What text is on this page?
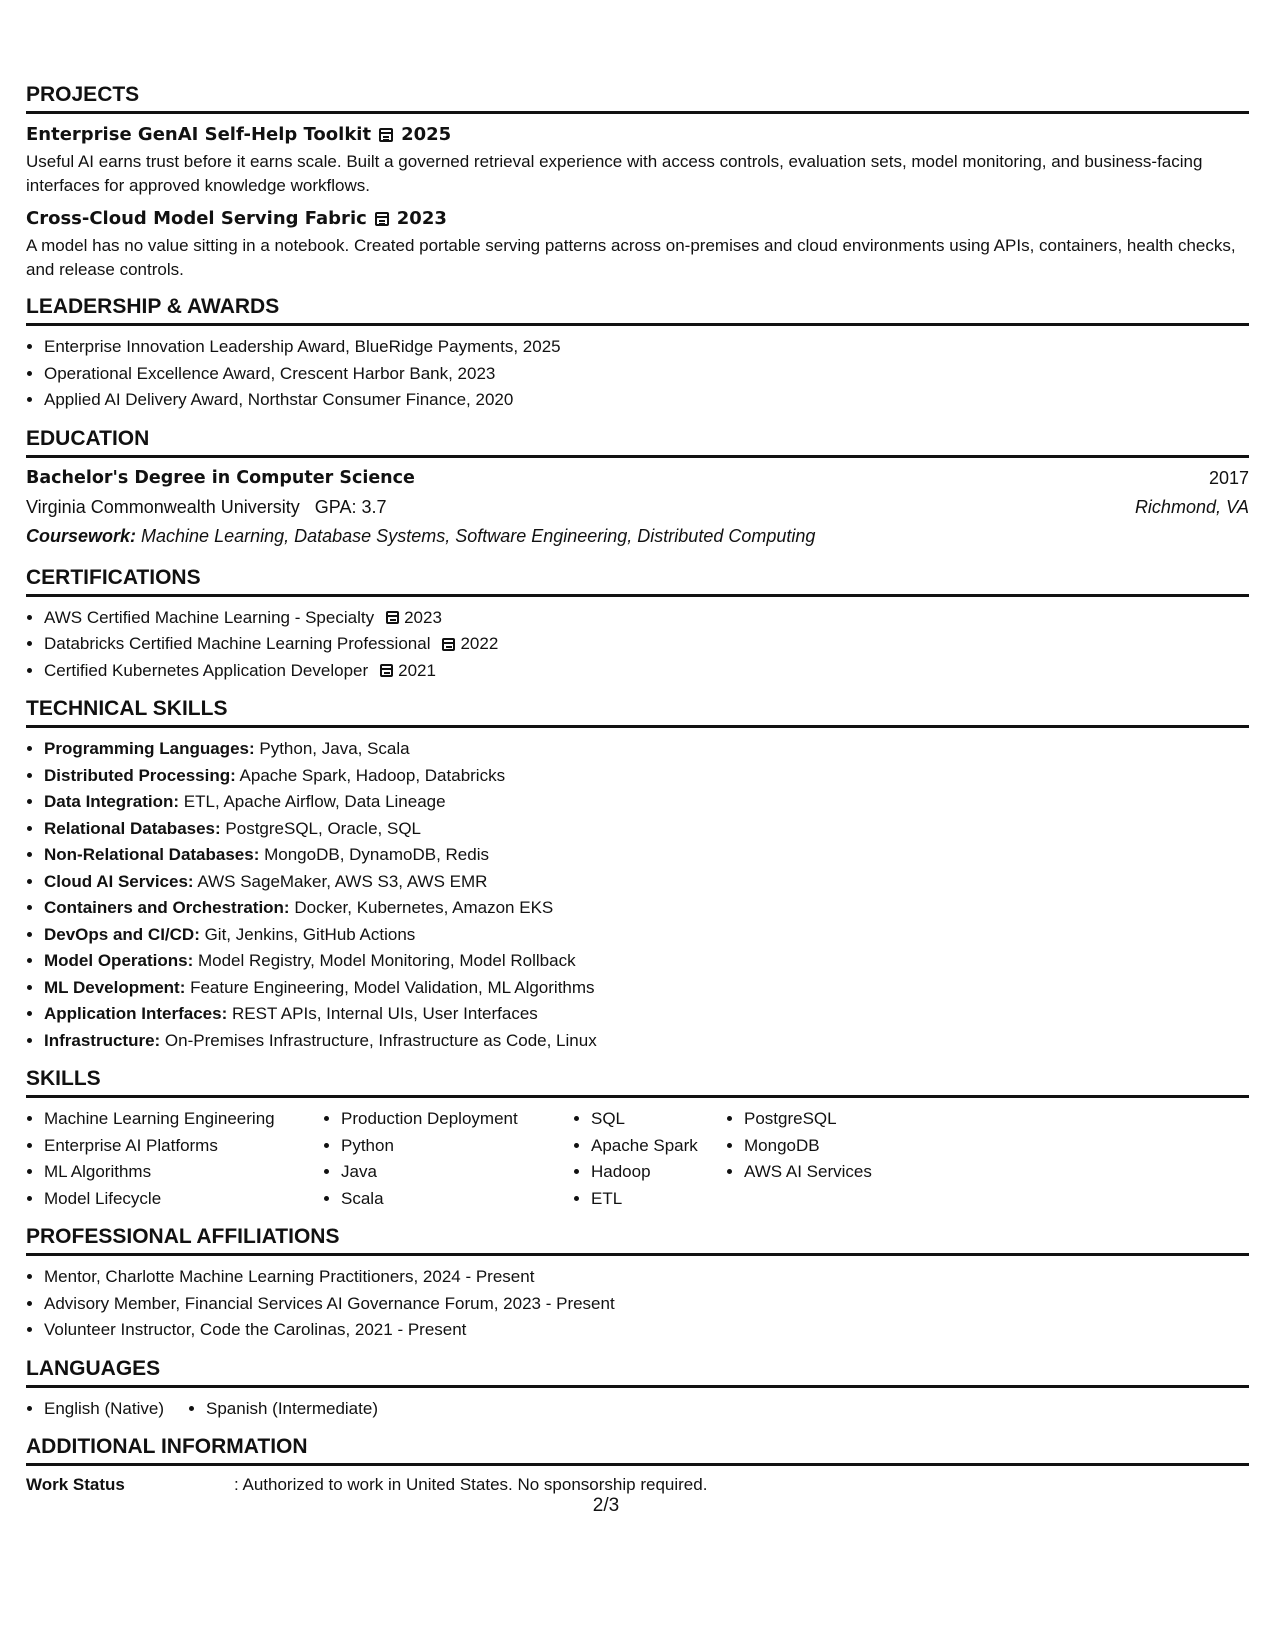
PROJECTS
Enterprise GenAI Self-Help Toolkit 2025

Useful AI earns trust before it earns scale. Built a governed retrieval experience with access controls, evaluation sets, model monitoring, and business-facing interfaces for approved knowledge workflows.

Cross-Cloud Model Serving Fabric 2023

A model has no value sitting in a notebook. Created portable serving patterns across on-premises and cloud environments using APIs, containers, health checks, and release controls.

LEADERSHIP & AWARDS
• Enterprise Innovation Leadership Award, BlueRidge Payments, 2025
• Operational Excellence Award, Crescent Harbor Bank, 2023
• Applied AI Delivery Award, Northstar Consumer Finance, 2020
EDUCATION
Bachelor's Degree in Computer Science	2017
Virginia Commonwealth University   GPA: 3.7	Richmond, VA
Coursework: Machine Learning, Database Systems, Software Engineering, Distributed Computing
CERTIFICATIONS
• AWS Certified Machine Learning - Specialty 2023
• Databricks Certified Machine Learning Professional 2022
• Certified Kubernetes Application Developer 2021
TECHNICAL SKILLS
• Programming Languages: Python, Java, Scala
• Distributed Processing: Apache Spark, Hadoop, Databricks
• Data Integration: ETL, Apache Airflow, Data Lineage
• Relational Databases: PostgreSQL, Oracle, SQL
• Non-Relational Databases: MongoDB, DynamoDB, Redis
• Cloud AI Services: AWS SageMaker, AWS S3, AWS EMR
• Containers and Orchestration: Docker, Kubernetes, Amazon EKS
• DevOps and CI/CD: Git, Jenkins, GitHub Actions
• Model Operations: Model Registry, Model Monitoring, Model Rollback
• ML Development: Feature Engineering, Model Validation, ML Algorithms
• Application Interfaces: REST APIs, Internal UIs, User Interfaces
• Infrastructure: On-Premises Infrastructure, Infrastructure as Code, Linux
SKILLS
• Machine Learning Engineering
• Enterprise AI Platforms
• ML Algorithms
• Model Lifecycle
• Production Deployment
• Python
• Java
• Scala
• SQL
• Apache Spark
• Hadoop
• ETL
• PostgreSQL
• MongoDB
• AWS AI Services
PROFESSIONAL AFFILIATIONS
• Mentor, Charlotte Machine Learning Practitioners, 2024 - Present
• Advisory Member, Financial Services AI Governance Forum, 2023 - Present
• Volunteer Instructor, Code the Carolinas, 2021 - Present
LANGUAGES
• English (Native)
• Spanish (Intermediate)
ADDITIONAL INFORMATION
Work Status	: Authorized to work in United States. No sponsorship required.
2/3
